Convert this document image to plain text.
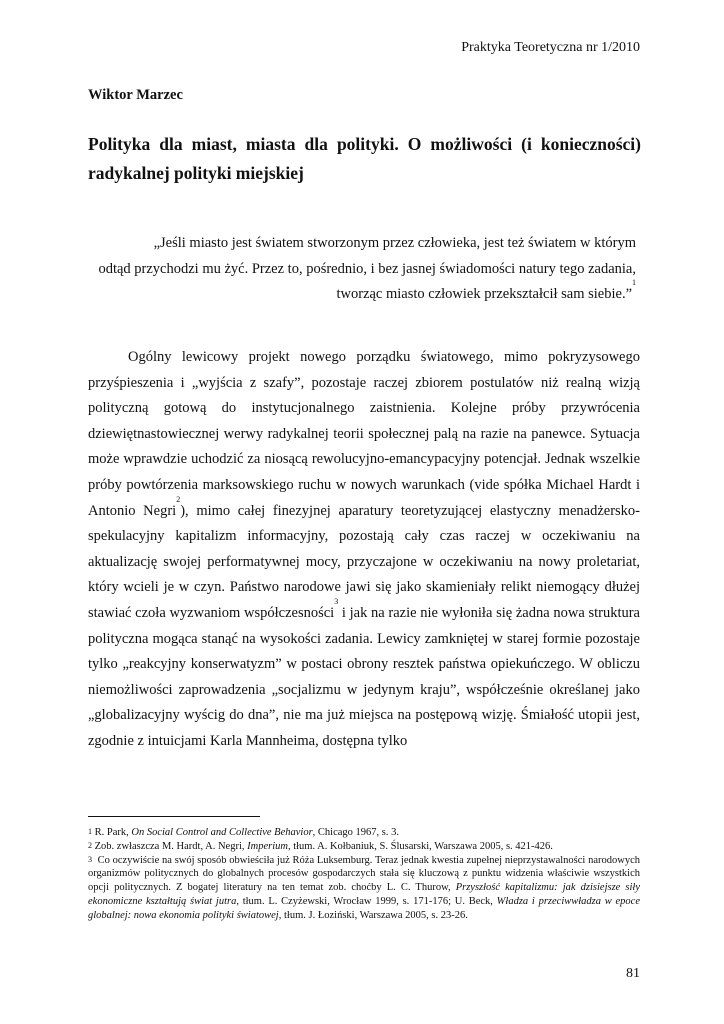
Praktyka Teoretyczna nr 1/2010
Wiktor Marzec
Polityka dla miast, miasta dla polityki. O możliwości (i konieczności) radykalnej polityki miejskiej
„Jeśli miasto jest światem stworzonym przez człowieka, jest też światem w którym
odtąd przychodzi mu żyć. Przez to, pośrednio, i bez jasnej świadomości natury tego zadania,
tworząc miasto człowiek przekształcił sam siebie.”$^1$

Ogólny lewicowy projekt nowego porządku światowego, mimo pokryzysowego przyśpieszenia i „wyjścia z szafy”, pozostaje raczej zbiorem postulatów niż realną wizją polityczną gotową do instytucjonalnego zaistnienia. Kolejne próby przywrócenia dziewiętnastowiecznej werwy radykalnej teorii społecznej palą na razie na panewce. Sytuacja może wprawdzie uchodzić za niosącą rewolucyjno-emancypacyjny potencjał. Jednak wszelkie próby powtórzenia marksowskiego ruchu w nowych warunkach (vide spółka Michael Hardt i Antonio Negri$^2$), mimo całej finezyjnej aparatury teoretyzującej elastyczny menadżersko-spekulacyjny kapitalizm informacyjny, pozostają cały czas raczej w oczekiwaniu na aktualizację swojej performatywnej mocy, przyczajone w oczekiwaniu na nowy proletariat, który wcieli je w czyn. Państwo narodowe jawi się jako skamieniały relikt niemogący dłużej stawiać czoła wyzwaniom współczesności$^3$ i jak na razie nie wyłoniła się żadna nowa struktura polityczna mogąca stanąć na wysokości zadania. Lewicy zamkniętej w starej formie pozostaje tylko „reakcyjny konserwatyzm” w postaci obrony resztek państwa opiekuńczego. W obliczu niemożliwości zaprowadzenia „socjalizmu w jedynym kraju”, współcześnie określanej jako „globalizacyjny wyścig do dna”, nie ma już miejsca na postępową wizję. Śmiałość utopii jest, zgodnie z intuicjami Karla Mannheima, dostępna tylko

$^1$ R. Park, On Social Control and Collective Behavior, Chicago 1967, s. 3.

$^2$ Zob. zwłaszcza M. Hardt, A. Negri, Imperium, tłum. A. Kołbaniuk, S. Ślusarski, Warszawa 2005, s. 421-426.

$^3$ Co oczywiście na swój sposób obwieściła już Róża Luksemburg. Teraz jednak kwestia zupełnej nieprzystawalności narodowych organizmów politycznych do globalnych procesów gospodarczych stała się kluczową z punktu widzenia właściwie wszystkich opcji politycznych. Z bogatej literatury na ten temat zob. choćby L. C. Thurow, Przyszłość kapitalizmu: jak dzisiejsze siły ekonomiczne kształtują świat jutra, tłum. L. Czyżewski, Wrocław 1999, s. 171-176; U. Beck, Władza i przeciwwładza w epoce globalnej: nowa ekonomia polityki światowej, tłum. J. Łoziński, Warszawa 2005, s. 23-26.

81
